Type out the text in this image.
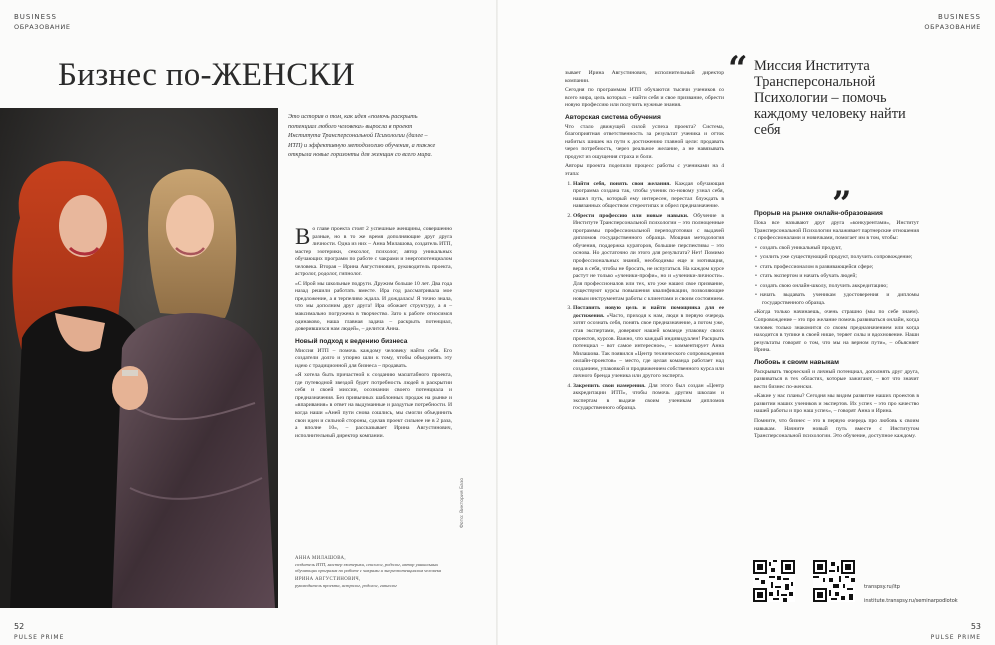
BUSINESS
ОБРАЗОВАНИЕ
Бизнес по-ЖЕНСКИ
Это история о том, как идея «помочь раскрыть потенциал любого человека» выросла в проект Института Трансперсональной Психологии (далее – ИТП) и эффективную методологию обучения, а также открыла новые горизонты для женщин со всего мира.

Во главе проекта стоят 2 успешные женщины, совершенно разные, но в то же время дополняющие друг друга личности. Одна из них – Анна Милашова, создатель ИТП, мастер эзотерики, сексолог, психолог, автор уникальных обучающих программ по работе с чакрами и энергопотенциалом человека. Вторая – Ирина Августинович, руководитель проекта, астролог, родолог, гипнолог.

«С Ирой мы школьные подруги. Дружим больше 10 лет. Два года назад решили работать вместе. Ира год рассматривала мое предложение, а я терпеливо ждала. И дождалась! Я точно знала, что мы дополним друг друга! Ира обожает структуру, а я – максимально погружена в творчество. Зато к работе относимся одинаково, наша главная задача – раскрыть потенциал, доверившихся нам людей», – делится Анна.

Новый подход к ведению бизнеса

Миссия ИТП – помочь каждому человеку найти себя. Его создатели долго и упорно шли к тому, чтобы объединить эту идею с традиционной для бизнеса – продавать.

«Я хотела быть причастной к созданию масштабного проекта, где путеводной звездой будет потребность людей в раскрытии себя и своей миссии, осознании своего потенциала и предназначения. Без привычных шаблонных продаж на рынке и «впаривания» в ответ на выдуманные и раздутые потребности. И когда наши «Аней пути снова сошлись, мы смогли объединить свои идеи и сильной стороны, сделав проект сильнее не в 2 раза, а вполне 10», – рассказывает Ирина Августинович, исполнительный директор компании.

АННА МИЛАШОВА,
создатель ИТП, мастер эзотерики, сексолог, родолог, автор уникальных обучающих программ по работе с чакрами и энергопотенциалом человека
ИРИНА АВГУСТИНОВИЧ,
руководитель проекта, астролог, родолог, гипнолог
Фото: Виктория Базо
52
PULSE PRIME
BUSINESS
ОБРАЗОВАНИЕ

зывает Ирина Августинович, исполнительный директор компании.

Сегодня по программам ИТП обучаются тысячи учеников со всего мира, цель которых – найти себя и свое призвание, обрести новую профессию или получить нужные знания.

Авторская система обучения

Что стало движущей силой успеха проекта? Система, благоприятная ответственность за результат ученика и отток набитых шишек на пути к достижению главной цели: продавать через потребность, через реальное желание, а не навязывать продукт из ощущения страха и боли.

Авторы проекта поделили процесс работы с учениками на 4 этапа:

1. Найти себя, понять свои желания. Каждая обучающая программа создана так, чтобы ученик по-новому узнал себя, нашел путь, который ему интересен, перестал блуждать в навязанных обществом стереотипах и обрел предназначение.
2. Обрести профессию или новые навыки. Обучение в Институте Трансперсональной психологии – это полноценные программы профессиональной переподготовки с выдачей дипломов государственного образца. Мощная методология обучения, поддержка кураторов, большие перспективы – это основа. Но достаточно ли этого для результата? Нет! Помимо профессиональных знаний, необходимы еще и мотивация, вера в себя, чтобы не бросать, не испугаться. На каждом курсе растут не только «ученики-профи», но и «ученики-личности». Для профессионалов или тех, кто уже нашел свое призвание, существуют курсы повышения квалификации, позволяющие новым инструментам работы с клиентами и своим состоянием.
3. Поставить новую цель и найти помощника для ее достижения. «Часто, приходя к нам, люди в первую очередь хотят осознать себя, понять свое предназначение, а потом уже, став экспертами, доверяют нашей команде упаковку своих проектов, курсов. Важно, что каждый индивидуален! Раскрыть потенциал – вот самое интересное», – комментирует Анна Милашова. Так появился «Центр технического сопровождения онлайн-проектов» – место, где целая команда работает над созданием, упаковкой и продвижением собственного курса или личного бренда ученика или другого эксперта.
4. Закрепить свои намерения. Для этого был создан «Центр аккредитации ИТП», чтобы помочь другим школам и экспертам в выдаче своим ученикам дипломов государственного образца.
“ Миссия Института Трансперсональной Психологии – помочь каждому человеку найти себя
”
Прорыв на рынке онлайн-образования

Пока все называют друг друга «конкурентами», Институт Трансперсональной Психологии налаживает партнерские отношения с профессионалами и новичками, помогает им в том, чтобы:

• создать свой уникальный продукт,
• усилить уже существующий продукт, получить сопровождение;
• стать профессионалом в развивающейся сфере;
• стать экспертом и начать обучать людей;
• создать свою онлайн-школу, получить аккредитацию;
• начать выдавать ученикам удостоверения и дипломы государственного образца.

«Когда только начинаешь, очень страшно (мы по себе знаем). Сопровождение – это про желание помочь развиваться онлайн, когда человек только знакомится со своим предназначением или когда находится в тупике в своей нише, теряет силы и вдохновение. Наши результаты говорят о том, что мы на верном пути», – объясняет Ирина.

Любовь к своим навыкам

Раскрывать творческий и личный потенциал, дополнять друг друга, развиваться в тех областях, которые зажигают, – вот что значит вести бизнес по-женски.

«Какие у нас планы? Сегодня мы видим развитие наших проектов в развитии наших учеников и экспертов. Их успех – это про качество нашей работы и про наш успех», – говорят Анна и Ирина.

Помните, что бизнес – это в первую очередь про любовь к своим навыкам. Начните новый путь вместе с Институтом Трансперсональной психологии. Это обучение, доступное каждому.

transpsy.ru/itp
institute.transpsy.ru/seminarpodlotok
53
PULSE PRIME
